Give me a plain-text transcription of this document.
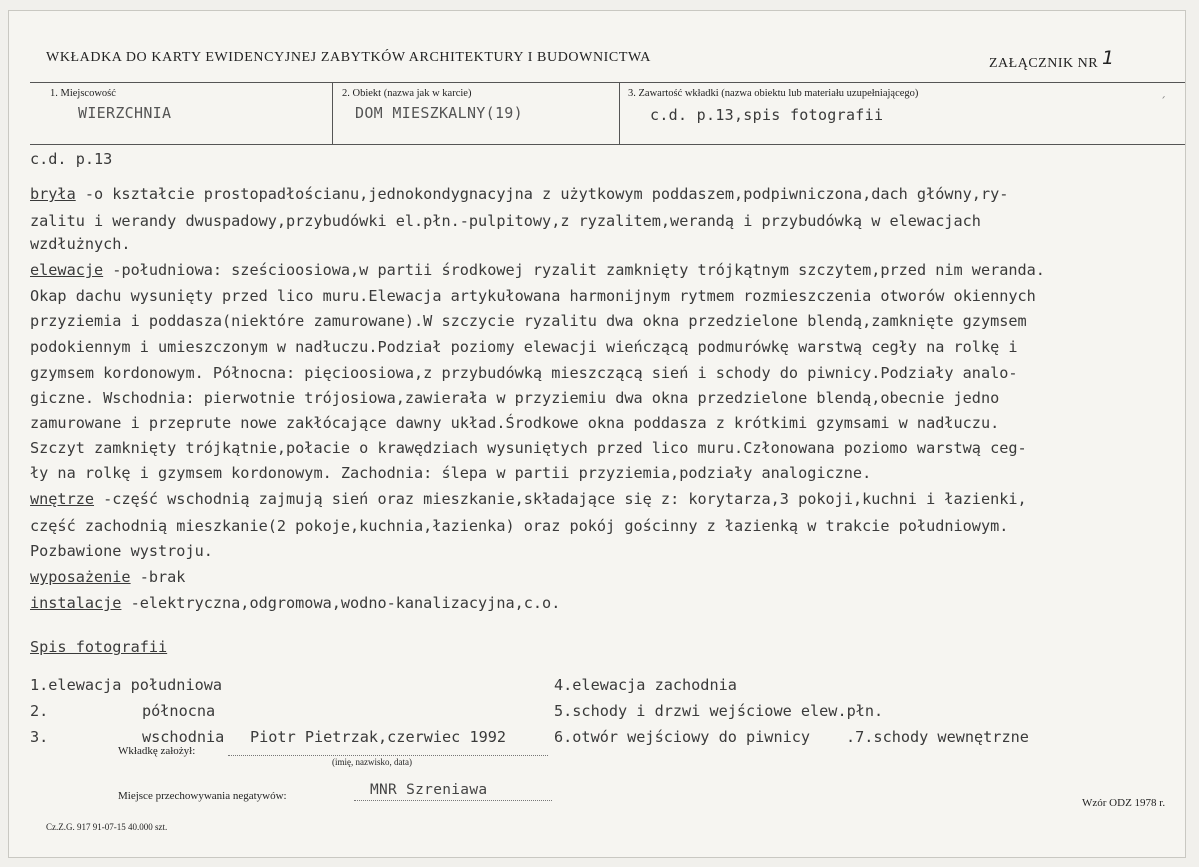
WKŁADKA DO KARTY EWIDENCYJNEJ ZABYTKÓW ARCHITEKTURY I BUDOWNICTWA	ZAŁĄCZNIK NR 1
1. Miejscowość
WIERZCHNIA
2. Obiekt (nazwa jak w karcie)
DOM MIESZKALNY(19)
3. Zawartość wkładki (nazwa obiektu lub materiału uzupełniającego)
c.d. p.13,spis fotografii
ˏ
c.d. p.13
bryła -o kształcie prostopadłościanu,jednokondygnacyjna z użytkowym poddaszem,podpiwniczona,dach główny,ry-
zalitu i werandy dwuspadowy,przybudówki el.płn.-pulpitowy,z ryzalitem,werandą i przybudówką w elewacjach
wzdłużnych.
elewacje -południowa: sześcioosiowa,w partii środkowej ryzalit zamknięty trójkątnym szczytem,przed nim weranda.
Okap dachu wysunięty przed lico muru.Elewacja artykułowana harmonijnym rytmem rozmieszczenia otworów okiennych
przyziemia i poddasza(niektóre zamurowane).W szczycie ryzalitu dwa okna przedzielone blendą,zamknięte gzymsem
podokiennym i umieszczonym w nadłuczu.Podział poziomy elewacji wieńczącą podmurówkę warstwą cegły na rolkę i
gzymsem kordonowym. Północna: pięcioosiowa,z przybudówką mieszczącą sień i schody do piwnicy.Podziały analo-
giczne. Wschodnia: pierwotnie trójosiowa,zawierała w przyziemiu dwa okna przedzielone blendą,obecnie jedno
zamurowane i przeprute nowe zakłócające dawny układ.Środkowe okna poddasza z krótkimi gzymsami w nadłuczu.
Szczyt zamknięty trójkątnie,połacie o krawędziach wysuniętych przed lico muru.Członowana poziomo warstwą ceg-
ły na rolkę i gzymsem kordonowym. Zachodnia: ślepa w partii przyziemia,podziały analogiczne.
wnętrze -część wschodnią zajmują sień oraz mieszkanie,składające się z: korytarza,3 pokoji,kuchni i łazienki,
część zachodnią mieszkanie(2 pokoje,kuchnia,łazienka) oraz pokój gościnny z łazienką w trakcie południowym.
Pozbawione wystroju.
wyposażenie -brak
instalacje -elektryczna,odgromowa,wodno-kanalizacyjna,c.o.
Spis fotografii
1.elewacja południowa
2.	północna
3.	wschodnia
4.elewacja zachodnia
5.schody i drzwi wejściowe elew.płn.
6.otwór wejściowy do piwnicy .7.schody wewnętrzne
Piotr Pietrzak,czerwiec 1992
Wkładkę założył:
(imię, nazwisko, data)
Miejsce przechowywania negatywów:	MNR Szreniawa
Wzór ODZ 1978 r.
Cz.Z.G. 917 91-07-15 40.000 szt.
